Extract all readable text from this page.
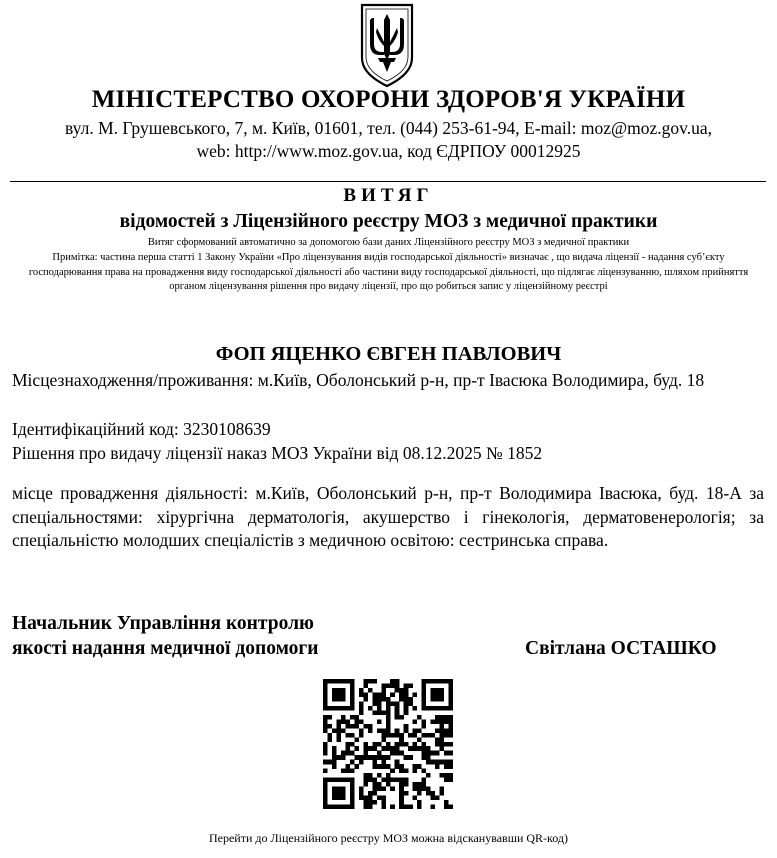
МІНІСТЕРСТВО ОХОРОНИ ЗДОРОВ'Я УКРАЇНИ
вул. М. Грушевського, 7, м. Київ, 01601, тел. (044) 253-61-94, E-mail: moz@moz.gov.ua,
web: http://www.moz.gov.ua, код ЄДРПОУ 00012925
ВИТЯГ
відомостей з Ліцензійного реєстру МОЗ з медичної практики
Витяг сформований автоматично за допомогою бази даних Ліцензійного реєстру МОЗ з медичної практики
Примітка: частина перша статті 1 Закону України «Про ліцензування видів господарської діяльності» визначає , що видача ліцензії - надання суб’єкту господарювання права на провадження виду господарської діяльності або частини виду господарської діяльності, що підлягає ліцензуванню, шляхом прийняття органом ліцензування рішення про видачу ліцензії, про що робиться запис у ліцензійному реєстрі
ФОП ЯЦЕНКО ЄВГЕН ПАВЛОВИЧ
Місцезнаходження/проживання: м.Київ, Оболонський р-н, пр-т Івасюка Володимира, буд. 18
Ідентифікаційний код: 3230108639
Рішення про видачу ліцензії наказ МОЗ України від 08.12.2025 № 1852
місце провадження діяльності: м.Київ, Оболонський р-н, пр-т Володимира Івасюка, буд. 18-А за спеціальностями: хірургічна дерматологія, акушерство і гінекологія, дерматовенерологія; за спеціальністю молодших спеціалістів з медичною освітою: сестринська справа.
Начальник Управління контролю
якості надання медичної допомоги	Світлана ОСТАШКО
Перейти до Ліцензійного реєстру МОЗ можна відсканувавши QR-код)
